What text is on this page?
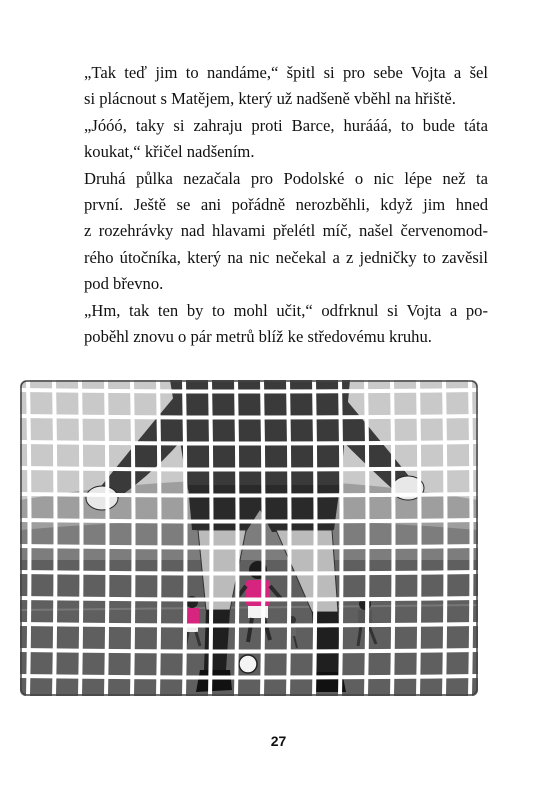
„Tak teď jim to nandáme,“ špitl si pro sebe Vojta a šel
si plácnout s Matějem, který už nadšeně vběhl na hřiště.

„Jóóó, taky si zahraju proti Barce, hurááá, to bude táta
koukat,“ křičel nadšením.

Druhá půlka nezačala pro Podolské o nic lépe než ta
první. Ještě se ani pořádně nerozběhli, když jim hned
z rozehrávky nad hlavami přelétl míč, našel červenomod-
rého útočníka, který na nic nečekal a z jedničky to zavěsil
pod břevno.

„Hm, tak ten by to mohl učit,“ odfrknul si Vojta a po-
poběhl znovu o pár metrů blíž ke středovému kruhu.

27
